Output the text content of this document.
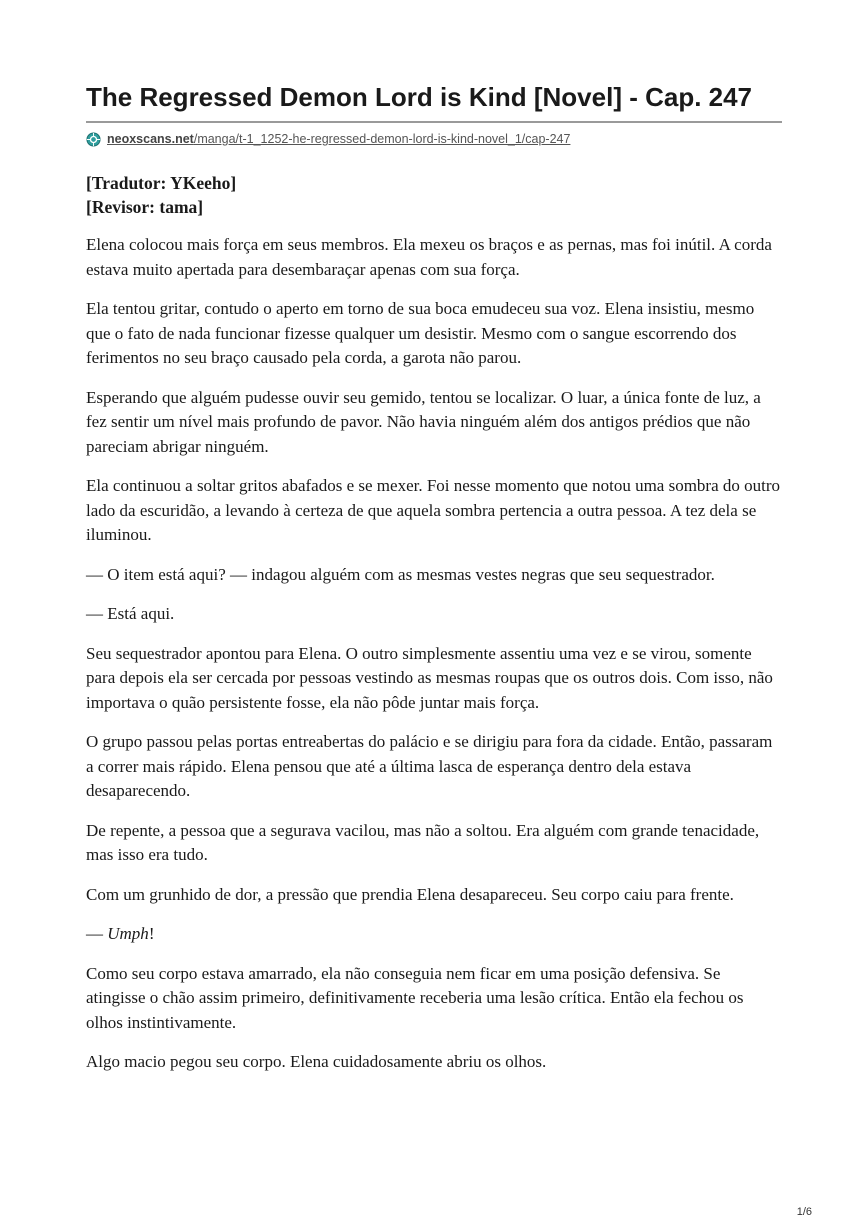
The Regressed Demon Lord is Kind [Novel] - Cap. 247
neoxscans.net/manga/t-1_1252-he-regressed-demon-lord-is-kind-novel_1/cap-247
[Tradutor: YKeeho]
[Revisor: tama]

Elena colocou mais força em seus membros. Ela mexeu os braços e as pernas, mas foi inútil. A corda estava muito apertada para desembaraçar apenas com sua força.

Ela tentou gritar, contudo o aperto em torno de sua boca emudeceu sua voz. Elena insistiu, mesmo que o fato de nada funcionar fizesse qualquer um desistir. Mesmo com o sangue escorrendo dos ferimentos no seu braço causado pela corda, a garota não parou.

Esperando que alguém pudesse ouvir seu gemido, tentou se localizar. O luar, a única fonte de luz, a fez sentir um nível mais profundo de pavor. Não havia ninguém além dos antigos prédios que não pareciam abrigar ninguém.

Ela continuou a soltar gritos abafados e se mexer. Foi nesse momento que notou uma sombra do outro lado da escuridão, a levando à certeza de que aquela sombra pertencia a outra pessoa. A tez dela se iluminou.

— O item está aqui? — indagou alguém com as mesmas vestes negras que seu sequestrador.

— Está aqui.

Seu sequestrador apontou para Elena. O outro simplesmente assentiu uma vez e se virou, somente para depois ela ser cercada por pessoas vestindo as mesmas roupas que os outros dois. Com isso, não importava o quão persistente fosse, ela não pôde juntar mais força.

O grupo passou pelas portas entreabertas do palácio e se dirigiu para fora da cidade. Então, passaram a correr mais rápido. Elena pensou que até a última lasca de esperança dentro dela estava desaparecendo.

De repente, a pessoa que a segurava vacilou, mas não a soltou. Era alguém com grande tenacidade, mas isso era tudo.

Com um grunhido de dor, a pressão que prendia Elena desapareceu. Seu corpo caiu para frente.

— Umph!

Como seu corpo estava amarrado, ela não conseguia nem ficar em uma posição defensiva. Se atingisse o chão assim primeiro, definitivamente receberia uma lesão crítica. Então ela fechou os olhos instintivamente.

Algo macio pegou seu corpo. Elena cuidadosamente abriu os olhos.

1/6
